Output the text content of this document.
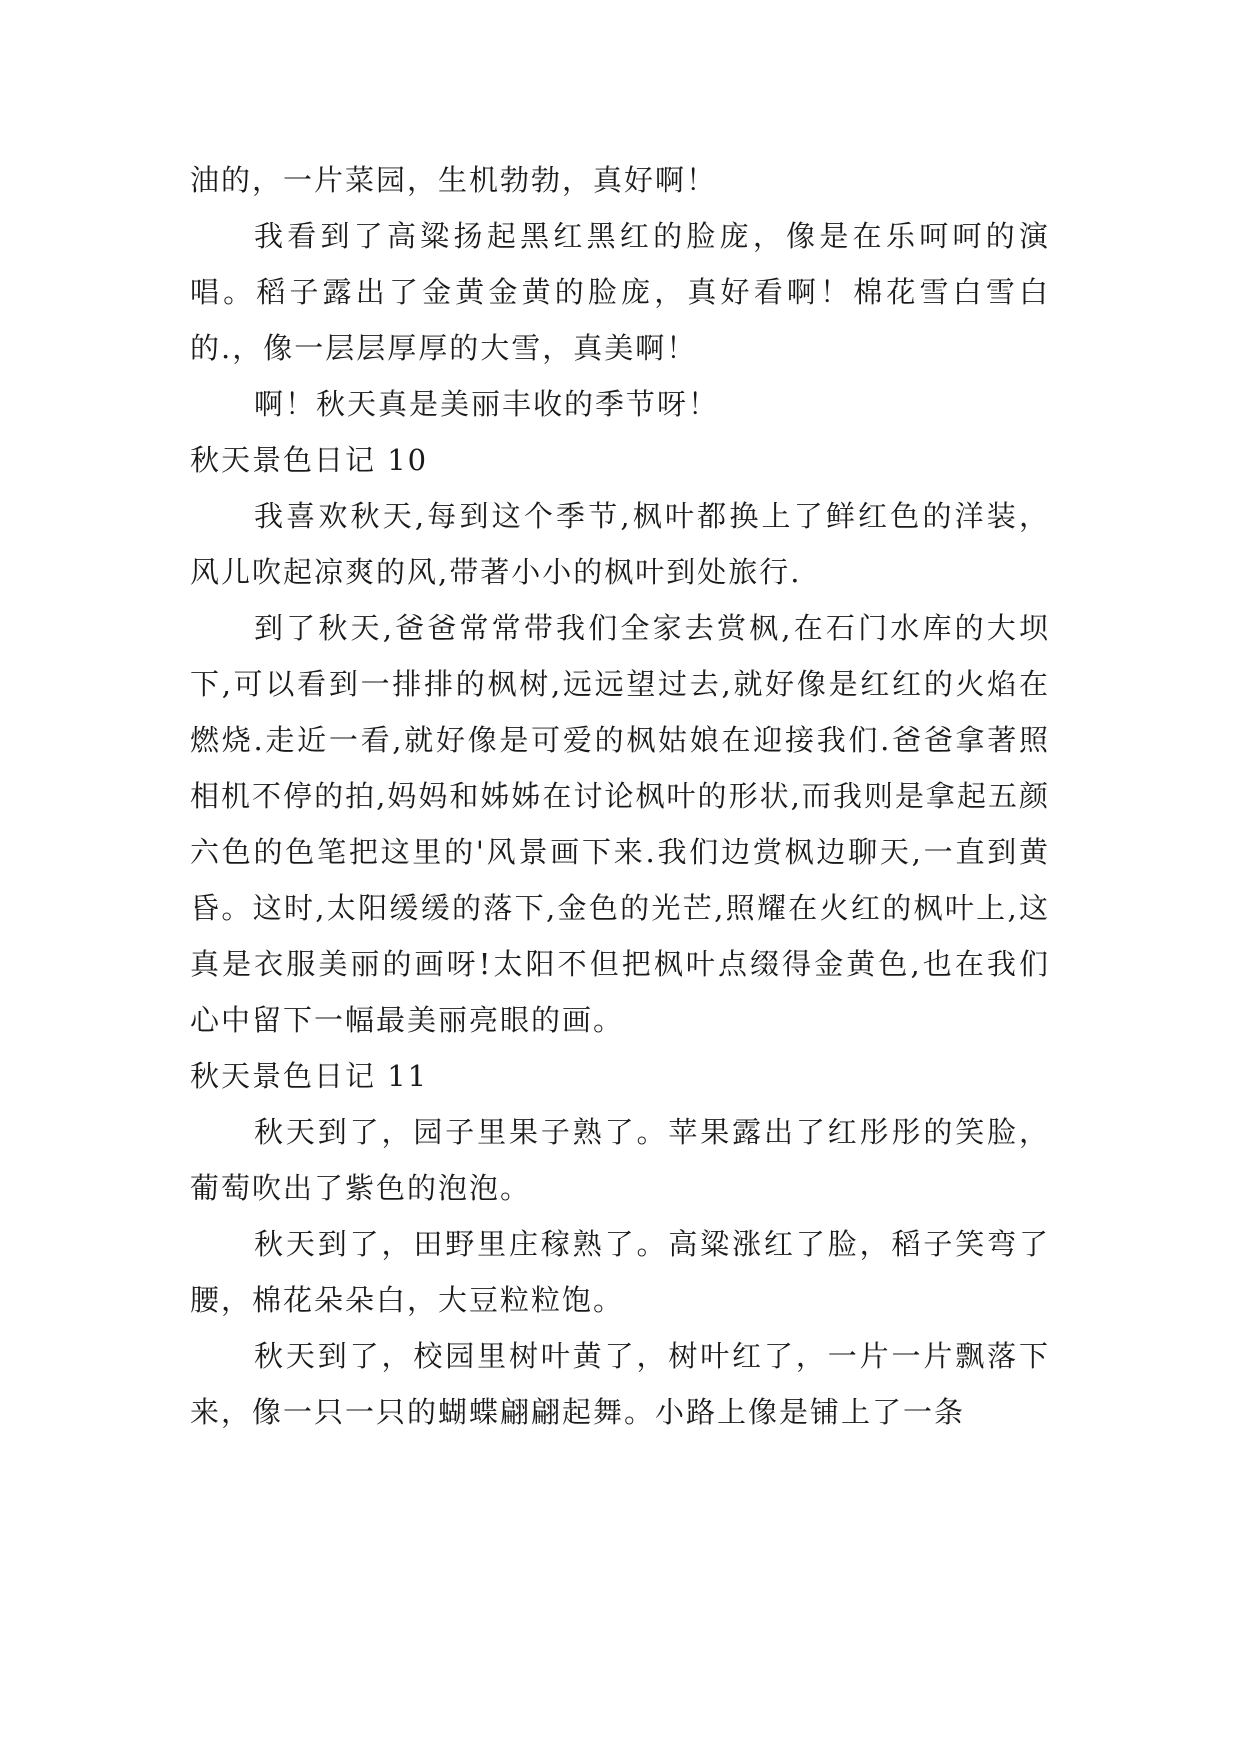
油的，一片菜园，生机勃勃，真好啊！

我看到了高粱扬起黑红黑红的脸庞，像是在乐呵呵的演唱。稻子露出了金黄金黄的脸庞，真好看啊！棉花雪白雪白的.，像一层层厚厚的大雪，真美啊！

啊！秋天真是美丽丰收的季节呀！

秋天景色日记 10

我喜欢秋天,每到这个季节,枫叶都换上了鲜红色的洋装，风儿吹起凉爽的风,带著小小的枫叶到处旅行.

到了秋天,爸爸常常带我们全家去赏枫,在石门水库的大坝下,可以看到一排排的枫树,远远望过去,就好像是红红的火焰在燃烧.走近一看,就好像是可爱的枫姑娘在迎接我们.爸爸拿著照相机不停的拍,妈妈和姊姊在讨论枫叶的形状,而我则是拿起五颜六色的色笔把这里的'风景画下来.我们边赏枫边聊天,一直到黄昏。这时,太阳缓缓的落下,金色的光芒,照耀在火红的枫叶上,这真是衣服美丽的画呀!太阳不但把枫叶点缀得金黄色,也在我们心中留下一幅最美丽亮眼的画。

秋天景色日记 11

秋天到了，园子里果子熟了。苹果露出了红彤彤的笑脸，葡萄吹出了紫色的泡泡。

秋天到了，田野里庄稼熟了。高粱涨红了脸，稻子笑弯了腰，棉花朵朵白，大豆粒粒饱。

秋天到了，校园里树叶黄了，树叶红了，一片一片飘落下来，像一只一只的蝴蝶翩翩起舞。小路上像是铺上了一条
